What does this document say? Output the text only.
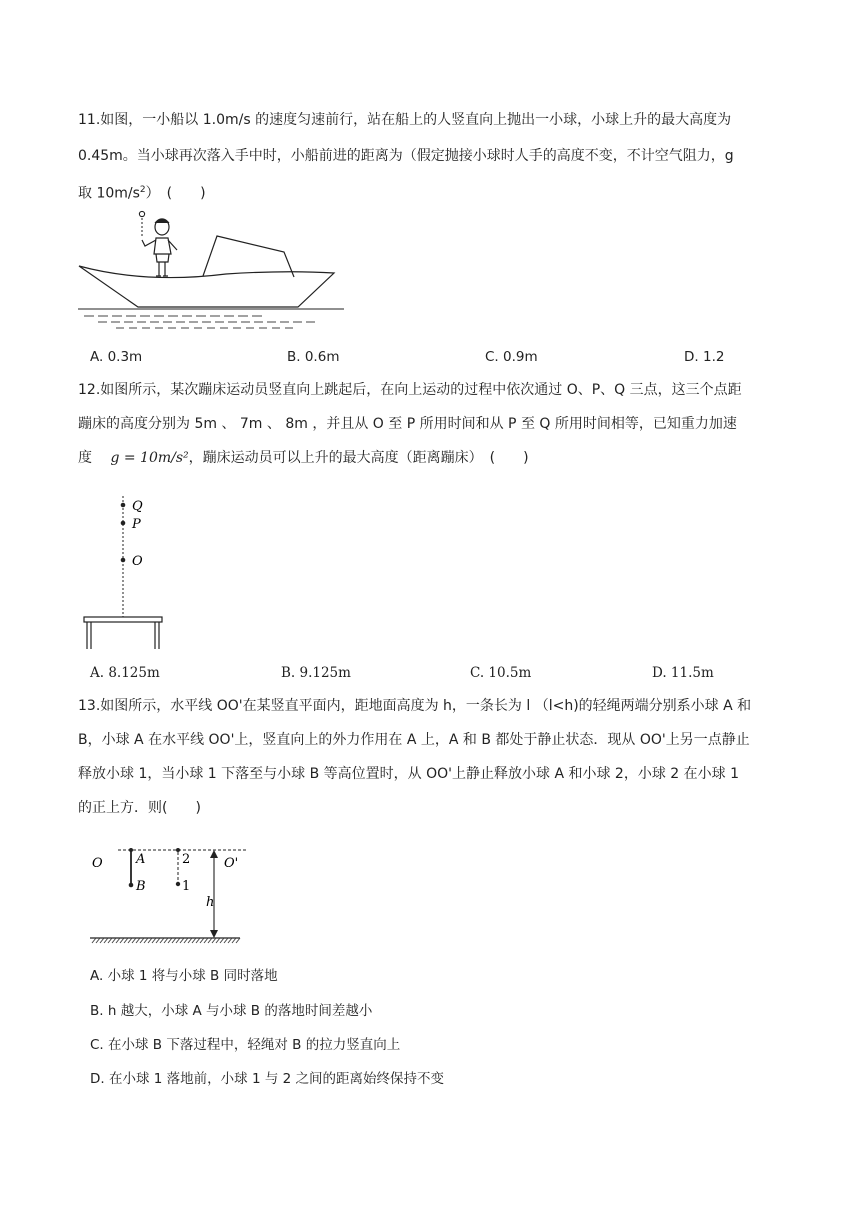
11.如图，一小船以 1.0m/s 的速度匀速前行，站在船上的人竖直向上抛出一小球，小球上升的最大高度为
0.45m。当小球再次落入手中时，小船前进的距离为（假定抛接小球时人手的高度不变，不计空气阻力，g
取 $10m/s^2$）　(　　)
A. 0.3m	B. 0.6m	C. 0.9m	D. 1.2
12.如图所示，某次蹦床运动员竖直向上跳起后，在向上运动的过程中依次通过 O、P、Q 三点，这三个点距
蹦床的高度分别为 5m 、 7m 、 8m ，并且从 O 至 P 所用时间和从 P 至 Q 所用时间相等，已知重力加速
度 g = 10m/s²，蹦床运动员可以上升的最大高度（距离蹦床）　(　　)
Q
P
O
A. 8.125m	B. 9.125m	C. 10.5m	D. 11.5m
13.如图所示，水平线 OO'在某竖直平面内，距地面高度为 h，一条长为 l （l<h)的轻绳两端分别系小球 A 和
B，小球 A 在水平线 OO'上，竖直向上的外力作用在 A 上，A 和 B 都处于静止状态．现从 OO'上另一点静止
释放小球 1，当小球 1 下落至与小球 B 等高位置时，从 OO'上静止释放小球 A 和小球 2，小球 2 在小球 1
的正上方．则(　　)
O	A
B
2
1
O'
h
A. 小球 1 将与小球 B 同时落地
B. h 越大，小球 A 与小球 B 的落地时间差越小
C. 在小球 B 下落过程中，轻绳对 B 的拉力竖直向上
D. 在小球 1 落地前，小球 1 与 2 之间的距离始终保持不变
